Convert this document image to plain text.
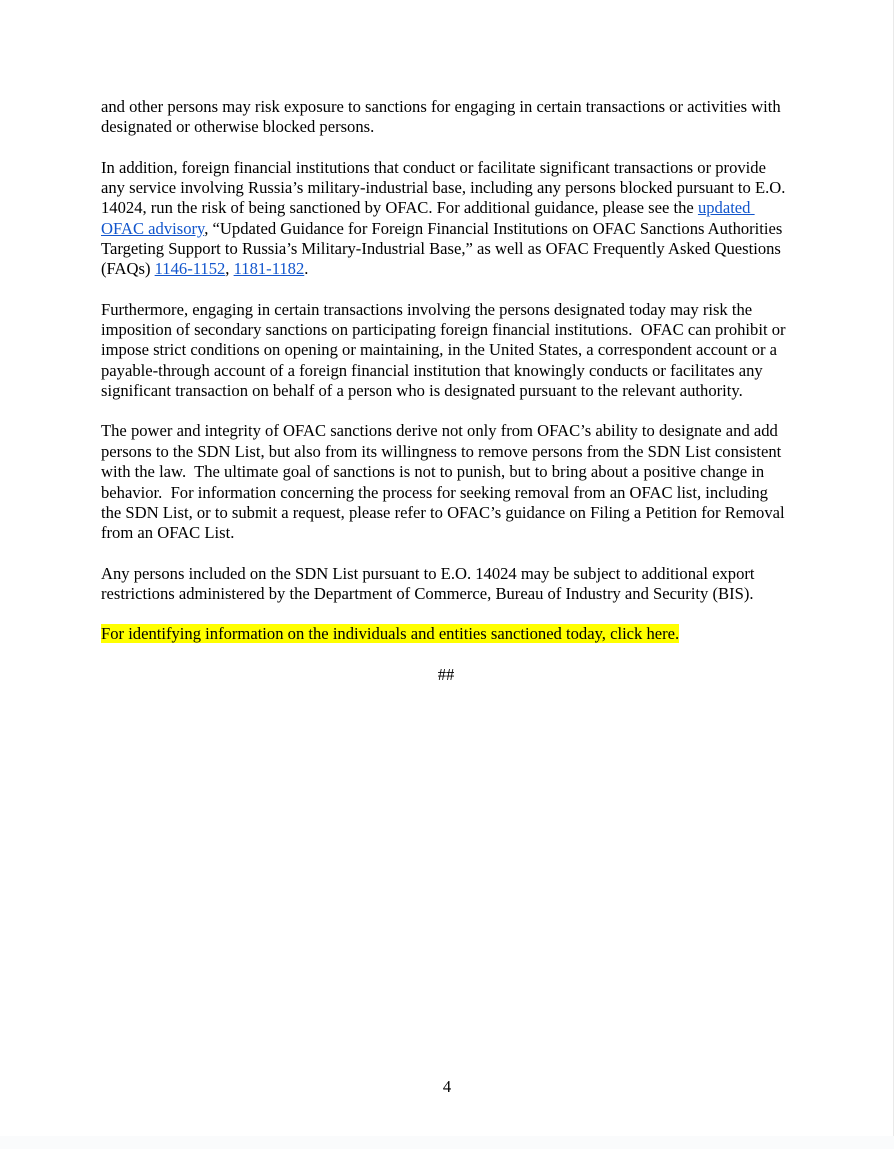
and other persons may risk exposure to sanctions for engaging in certain transactions or activities with designated or otherwise blocked persons.

In addition, foreign financial institutions that conduct or facilitate significant transactions or provide any service involving Russia’s military-industrial base, including any persons blocked pursuant to E.O. 14024, run the risk of being sanctioned by OFAC. For additional guidance, please see the updated OFAC advisory, “Updated Guidance for Foreign Financial Institutions on OFAC Sanctions Authorities Targeting Support to Russia’s Military-Industrial Base,” as well as OFAC Frequently Asked Questions (FAQs) 1146-1152, 1181-1182.

Furthermore, engaging in certain transactions involving the persons designated today may risk the imposition of secondary sanctions on participating foreign financial institutions.  OFAC can prohibit or impose strict conditions on opening or maintaining, in the United States, a correspondent account or a payable-through account of a foreign financial institution that knowingly conducts or facilitates any significant transaction on behalf of a person who is designated pursuant to the relevant authority.

The power and integrity of OFAC sanctions derive not only from OFAC’s ability to designate and add persons to the SDN List, but also from its willingness to remove persons from the SDN List consistent with the law.  The ultimate goal of sanctions is not to punish, but to bring about a positive change in behavior.  For information concerning the process for seeking removal from an OFAC list, including the SDN List, or to submit a request, please refer to OFAC’s guidance on Filing a Petition for Removal from an OFAC List.

Any persons included on the SDN List pursuant to E.O. 14024 may be subject to additional export restrictions administered by the Department of Commerce, Bureau of Industry and Security (BIS).

For identifying information on the individuals and entities sanctioned today, click here.

##

4
